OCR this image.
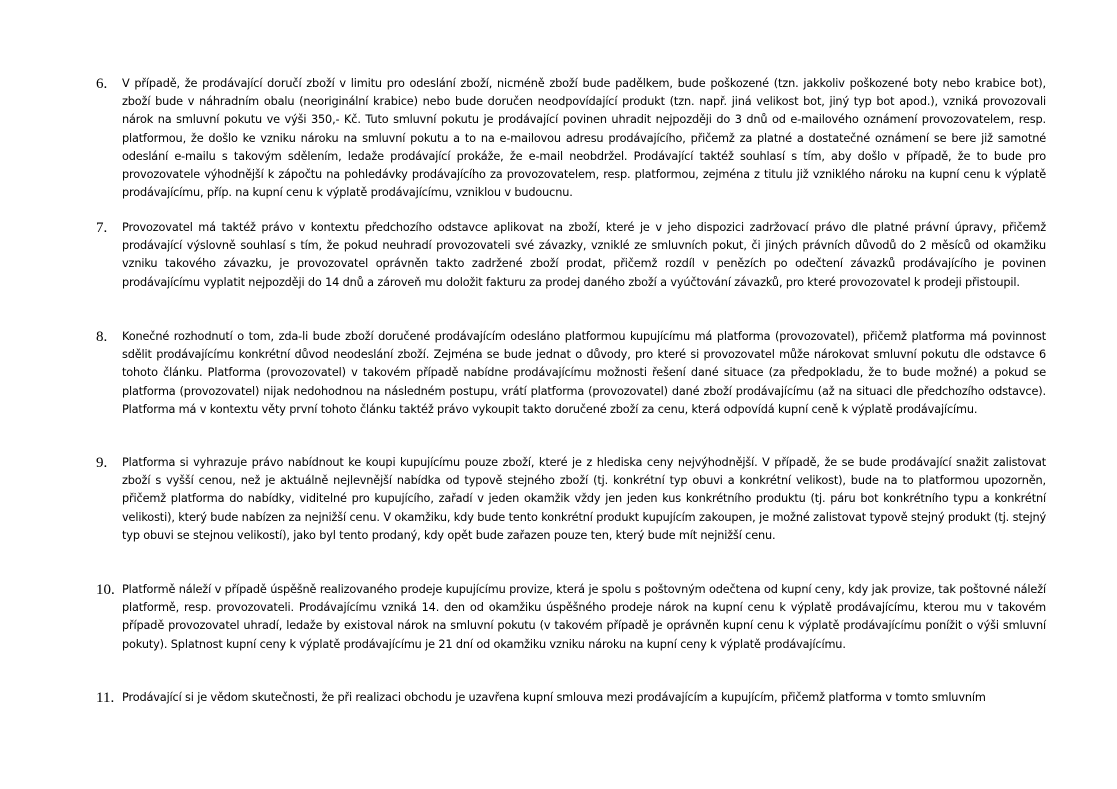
6. V případě, že prodávající doručí zboží v limitu pro odeslání zboží, nicméně zboží bude padělkem, bude poškozené (tzn. jakkoliv poškozené boty nebo krabice bot), zboží bude v náhradním obalu (neoriginální krabice) nebo bude doručen neodpovídající produkt (tzn. např. jiná velikost bot, jiný typ bot apod.), vzniká provozovali nárok na smluvní pokutu ve výši 350,- Kč. Tuto smluvní pokutu je prodávající povinen uhradit nejpozději do 3 dnů od e-mailového oznámení provozovatelem, resp. platformou, že došlo ke vzniku nároku na smluvní pokutu a to na e-mailovou adresu prodávajícího, přičemž za platné a dostatečné oznámení se bere již samotné odeslání e-mailu s takovým sdělením, ledaže prodávající prokáže, že e-mail neobdržel. Prodávající taktéž souhlasí s tím, aby došlo v případě, že to bude pro provozovatele výhodnější k zápočtu na pohledávky prodávajícího za provozovatelem, resp. platformou, zejména z titulu již vzniklého nároku na kupní cenu k výplatě prodávajícímu, příp. na kupní cenu k výplatě prodávajícímu, vzniklou v budoucnu.
7. Provozovatel má taktéž právo v kontextu předchozího odstavce aplikovat na zboží, které je v jeho dispozici zadržovací právo dle platné právní úpravy, přičemž prodávající výslovně souhlasí s tím, že pokud neuhradí provozovateli své závazky, vzniklé ze smluvních pokut, či jiných právních důvodů do 2 měsíců od okamžiku vzniku takového závazku, je provozovatel oprávněn takto zadržené zboží prodat, přičemž rozdíl v penězích po odečtení závazků prodávajícího je povinen prodávajícímu vyplatit nejpozději do 14 dnů a zároveň mu doložit fakturu za prodej daného zboží a vyúčtování závazků, pro které provozovatel k prodeji přistoupil.
8. Konečné rozhodnutí o tom, zda-li bude zboží doručené prodávajícím odesláno platformou kupujícímu má platforma (provozovatel), přičemž platforma má povinnost sdělit prodávajícímu konkrétní důvod neodeslání zboží. Zejména se bude jednat o důvody, pro které si provozovatel může nárokovat smluvní pokutu dle odstavce 6 tohoto článku. Platforma (provozovatel) v takovém případě nabídne prodávajícímu možnosti řešení dané situace (za předpokladu, že to bude možné) a pokud se platforma (provozovatel) nijak nedohodnou na následném postupu, vrátí platforma (provozovatel) dané zboží prodávajícímu (až na situaci dle předchozího odstavce). Platforma má v kontextu věty první tohoto článku taktéž právo vykoupit takto doručené zboží za cenu, která odpovídá kupní ceně k výplatě prodávajícímu.
9. Platforma si vyhrazuje právo nabídnout ke koupi kupujícímu pouze zboží, které je z hlediska ceny nejvýhodnější. V případě, že se bude prodávající snažit zalistovat zboží s vyšší cenou, než je aktuálně nejlevnější nabídka od typově stejného zboží (tj. konkrétní typ obuvi a konkrétní velikost), bude na to platformou upozorněn, přičemž platforma do nabídky, viditelné pro kupujícího, zařadí v jeden okamžik vždy jen jeden kus konkrétního produktu (tj. páru bot konkrétního typu a konkrétní velikosti), který bude nabízen za nejnižší cenu. V okamžiku, kdy bude tento konkrétní produkt kupujícím zakoupen, je možné zalistovat typově stejný produkt (tj. stejný typ obuvi se stejnou velikostí), jako byl tento prodaný, kdy opět bude zařazen pouze ten, který bude mít nejnižší cenu.
10. Platformě náleží v případě úspěšně realizovaného prodeje kupujícímu provize, která je spolu s poštovným odečtena od kupní ceny, kdy jak provize, tak poštovné náleží platformě, resp. provozovateli. Prodávajícímu vzniká 14. den od okamžiku úspěšného prodeje nárok na kupní cenu k výplatě prodávajícímu, kterou mu v takovém případě provozovatel uhradí, ledaže by existoval nárok na smluvní pokutu (v takovém případě je oprávněn kupní cenu k výplatě prodávajícímu ponížit o výši smluvní pokuty). Splatnost kupní ceny k výplatě prodávajícímu je 21 dní od okamžiku vzniku nároku na kupní ceny k výplatě prodávajícímu.
11. Prodávající si je vědom skutečnosti, že při realizaci obchodu je uzavřena kupní smlouva mezi prodávajícím a kupujícím, přičemž platforma v tomto smluvním
